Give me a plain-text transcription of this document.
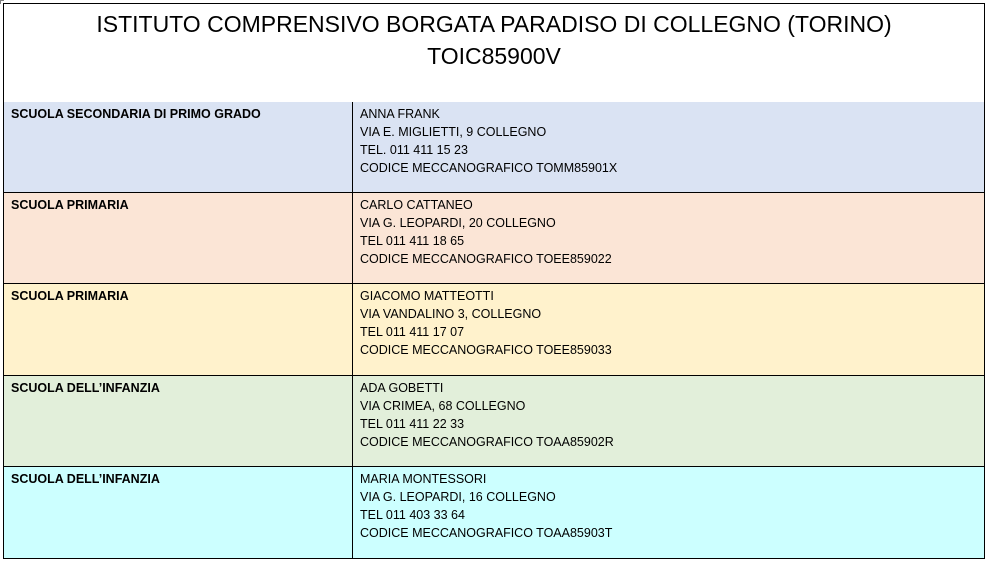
ISTITUTO COMPRENSIVO BORGATA PARADISO DI COLLEGNO (TORINO)
TOIC85900V
SCUOLA SECONDARIA DI PRIMO GRADO	ANNA FRANK
VIA E. MIGLIETTI, 9 COLLEGNO
TEL. 011 411 15 23
CODICE MECCANOGRAFICO TOMM85901X
SCUOLA PRIMARIA	CARLO CATTANEO
VIA G. LEOPARDI, 20 COLLEGNO
TEL 011 411 18 65
CODICE MECCANOGRAFICO TOEE859022
SCUOLA PRIMARIA	GIACOMO MATTEOTTI
VIA VANDALINO 3, COLLEGNO
TEL 011 411 17 07
CODICE MECCANOGRAFICO TOEE859033
SCUOLA DELL’INFANZIA	ADA GOBETTI
VIA CRIMEA, 68 COLLEGNO
TEL 011 411 22 33
CODICE MECCANOGRAFICO TOAA85902R
SCUOLA DELL’INFANZIA	MARIA MONTESSORI
VIA G. LEOPARDI, 16 COLLEGNO
TEL 011 403 33 64
CODICE MECCANOGRAFICO TOAA85903T
